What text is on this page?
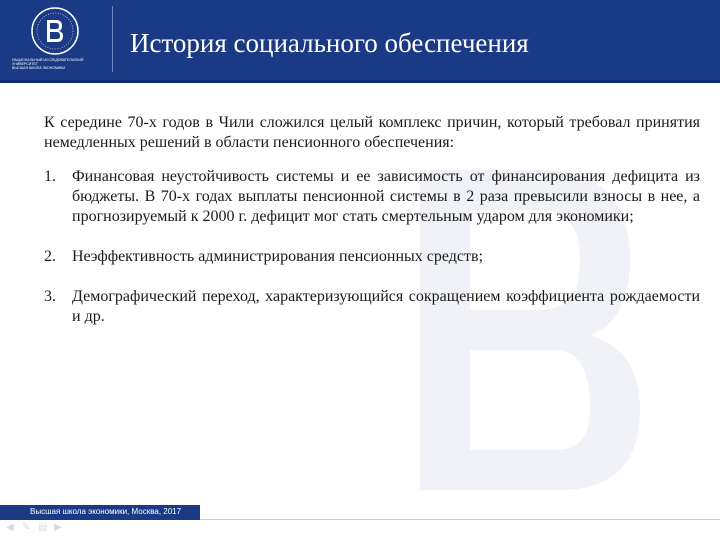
НАЦИОНАЛЬНЫЙ ИССЛЕДОВАТЕЛЬСКИЙ УНИВЕРСИТЕТ
ВЫСШАЯ ШКОЛА ЭКОНОМИКИ
История социального обеспечения

К середине 70-х годов в Чили сложился целый комплекс причин, который требовал принятия немедленных решений в области пенсионного обеспечения:

1. Финансовая неустойчивость системы и ее зависимость от финансирования дефицита из бюджеты. В 70-х годах выплаты пенсионной системы в 2 раза превысили взносы в нее, а прогнозируемый к 2000 г. дефицит мог стать смертельным ударом для экономики;
2. Неэффективность администрирования пенсионных средств;
3. Демографический переход, характеризующийся сокращением коэффициента рождаемости и др.
Высшая школа экономики, Москва, 2017
◀ ✎ ▤ ▶
